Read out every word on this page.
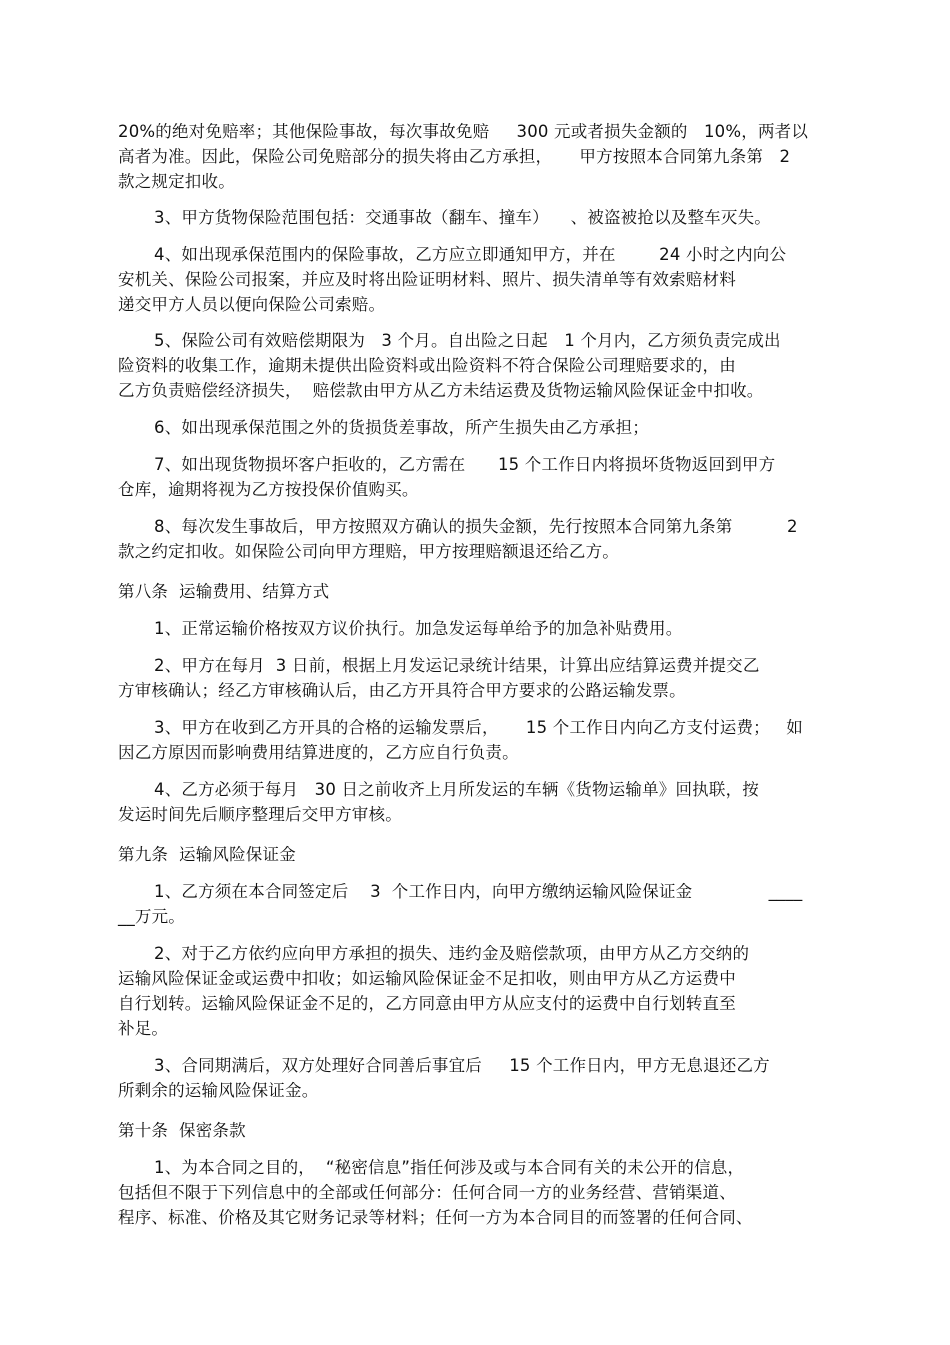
20%的绝对免赔率；其他保险事故，每次事故免赔     300 元或者损失金额的   10%，两者以
高者为准。因此，保险公司免赔部分的损失将由乙方承担，     甲方按照本合同第九条第   2
款之规定扣收。
3、甲方货物保险范围包括：交通事故（翻车、撞车）    、被盗被抢以及整车灭失。
4、如出现承保范围内的保险事故，乙方应立即通知甲方，并在        24 小时之内向公
安机关、保险公司报案，并应及时将出险证明材料、照片、损失清单等有效索赔材料
递交甲方人员以便向保险公司索赔。
5、保险公司有效赔偿期限为   3 个月。自出险之日起   1 个月内，乙方须负责完成出
险资料的收集工作，逾期未提供出险资料或出险资料不符合保险公司理赔要求的，由
乙方负责赔偿经济损失，  赔偿款由甲方从乙方未结运费及货物运输风险保证金中扣收。
6、如出现承保范围之外的货损货差事故，所产生损失由乙方承担；
7、如出现货物损坏客户拒收的，乙方需在      15 个工作日内将损坏货物返回到甲方
仓库，逾期将视为乙方按投保价值购买。
8、每次发生事故后，甲方按照双方确认的损失金额，先行按照本合同第九条第          2
款之约定扣收。如保险公司向甲方理赔，甲方按理赔额退还给乙方。
第八条  运输费用、结算方式
1、正常运输价格按双方议价执行。加急发运每单给予的加急补贴费用。
2、甲方在每月  3 日前，根据上月发运记录统计结果，计算出应结算运费并提交乙
方审核确认；经乙方审核确认后，由乙方开具符合甲方要求的公路运输发票。
3、甲方在收到乙方开具的合格的运输发票后，     15 个工作日内向乙方支付运费；   如
因乙方原因而影响费用结算进度的，乙方应自行负责。
4、乙方必须于每月   30 日之前收齐上月所发运的车辆《货物运输单》回执联，按
发运时间先后顺序整理后交甲方审核。
第九条  运输风险保证金
1、乙方须在本合同签定后    3  个工作日内，向甲方缴纳运输风险保证金              ____
__万元。
2、对于乙方依约应向甲方承担的损失、违约金及赔偿款项，由甲方从乙方交纳的
运输风险保证金或运费中扣收；如运输风险保证金不足扣收，则由甲方从乙方运费中
自行划转。运输风险保证金不足的，乙方同意由甲方从应支付的运费中自行划转直至
补足。
3、合同期满后，双方处理好合同善后事宜后     15 个工作日内，甲方无息退还乙方
所剩余的运输风险保证金。
第十条  保密条款
1、为本合同之目的，  “秘密信息”指任何涉及或与本合同有关的未公开的信息，
包括但不限于下列信息中的全部或任何部分：任何合同一方的业务经营、营销渠道、
程序、标准、价格及其它财务记录等材料；任何一方为本合同目的而签署的任何合同、
